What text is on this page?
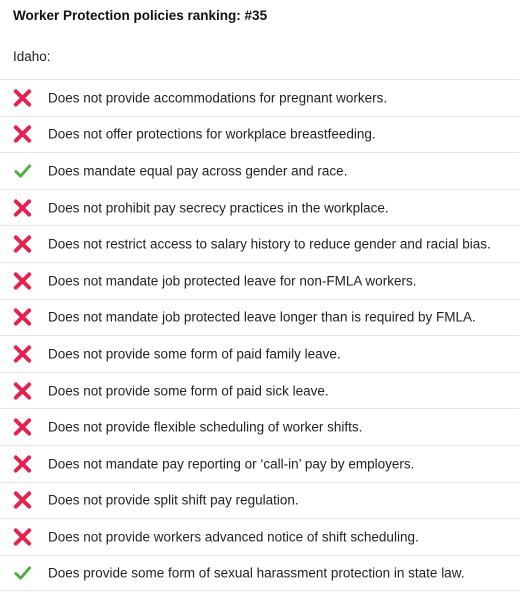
Worker Protection policies ranking: #35
Idaho:
Does not provide accommodations for pregnant workers.
Does not offer protections for workplace breastfeeding.
Does mandate equal pay across gender and race.
Does not prohibit pay secrecy practices in the workplace.
Does not restrict access to salary history to reduce gender and racial bias.
Does not mandate job protected leave for non-FMLA workers.
Does not mandate job protected leave longer than is required by FMLA.
Does not provide some form of paid family leave.
Does not provide some form of paid sick leave.
Does not provide flexible scheduling of worker shifts.
Does not mandate pay reporting or ‘call-in’ pay by employers.
Does not provide split shift pay regulation.
Does not provide workers advanced notice of shift scheduling.
Does provide some form of sexual harassment protection in state law.
